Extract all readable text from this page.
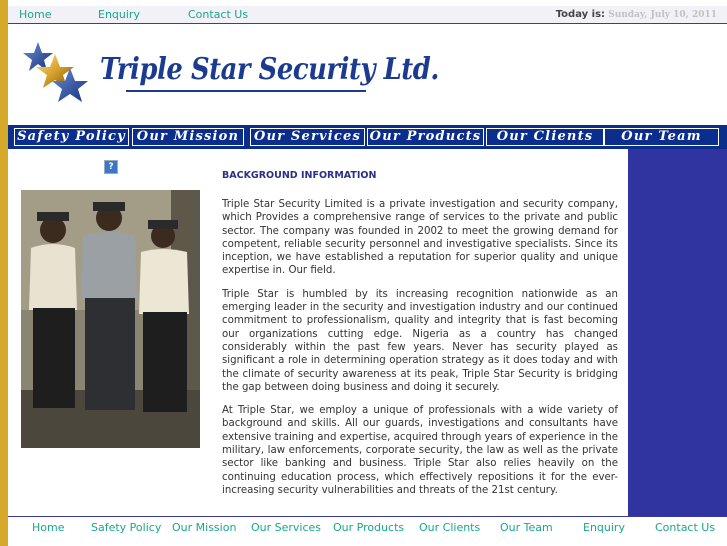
Home	Enquiry	Contact Us	Today is: Sunday, July 10, 2011
Triple Star Security Ltd.
Safety Policy Our Mission	Our Services Our Products	Our Clients	Our Team
?
BACKGROUND INFORMATION

Triple Star Security Limited is a private investigation and security company, which Provides a comprehensive range of services to the private and public sector. The company was founded in 2002 to meet the growing demand for competent, reliable security personnel and investigative specialists. Since its inception, we have established a reputation for superior quality and unique expertise in. Our field.

Triple Star is humbled by its increasing recognition nationwide as an emerging leader in the security and investigation industry and our continued commitment to professionalism, quality and integrity that is fast becoming our organizations cutting edge. Nigeria as a country has changed considerably within the past few years. Never has security played as significant a role in determining operation strategy as it does today and with the climate of security awareness at its peak, Triple Star Security is bridging the gap between doing business and doing it securely.

At Triple Star, we employ a unique of professionals with a wide variety of background and skills. All our guards, investigations and consultants have extensive training and expertise, acquired through years of experience in the military, law enforcements, corporate security, the law as well as the private sector like banking and business. Triple Star also relies heavily on the continuing education process, which effectively repositions it for the ever-increasing security vulnerabilities and threats of the 21st century.

Home Safety Policy Our Mission Our Services Our Products Our Clients Our Team	Enquiry	Contact Us
